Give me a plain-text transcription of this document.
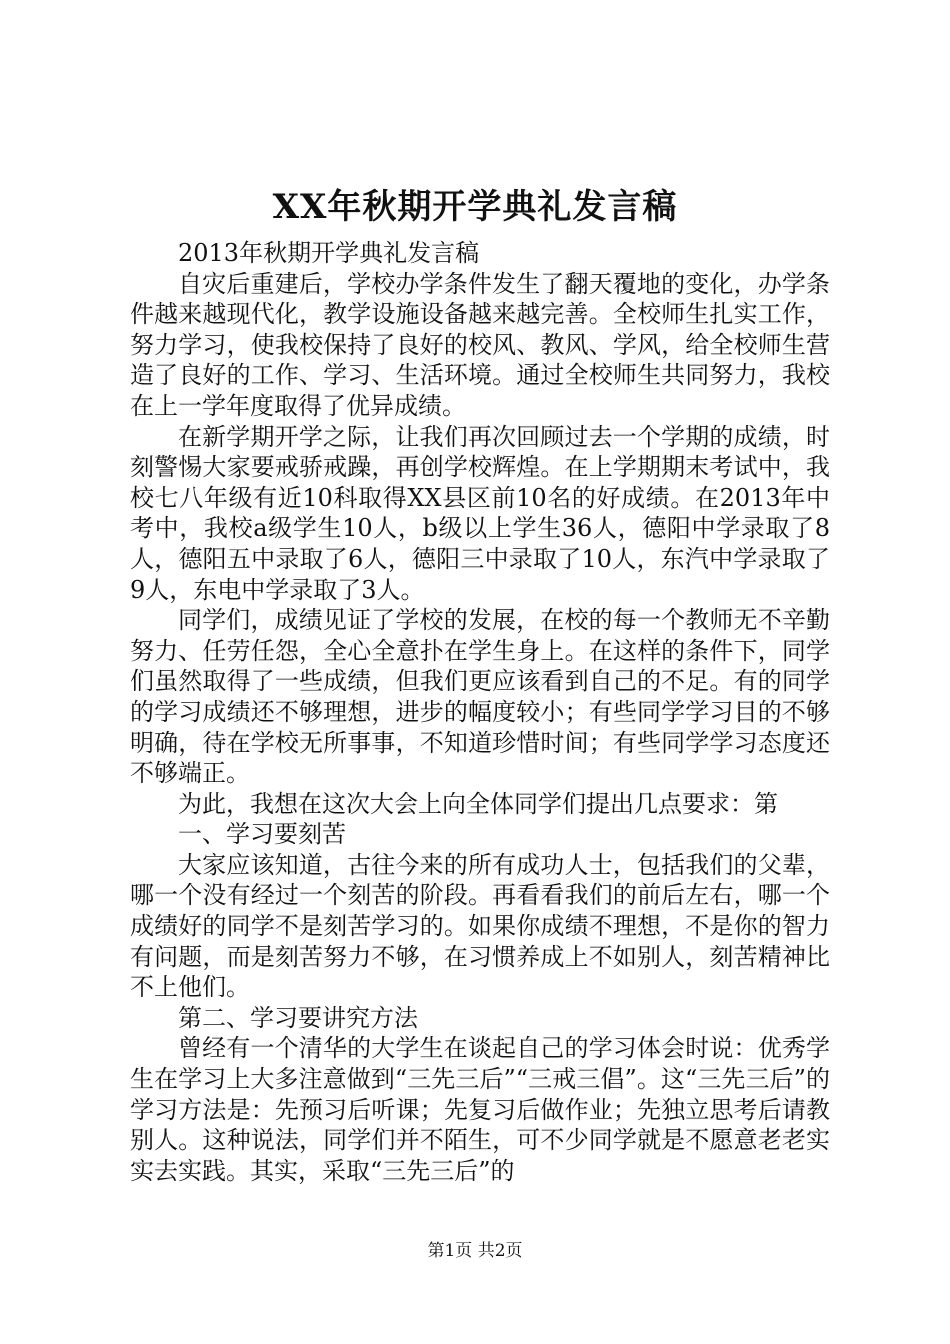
XX年秋期开学典礼发言稿

2013年秋期开学典礼发言稿

自灾后重建后，学校办学条件发生了翻天覆地的变化，办学条件越来越现代化，教学设施设备越来越完善。全校师生扎实工作，努力学习，使我校保持了良好的校风、教风、学风，给全校师生营造了良好的工作、学习、生活环境。通过全校师生共同努力，我校在上一学年度取得了优异成绩。

在新学期开学之际，让我们再次回顾过去一个学期的成绩，时刻警惕大家要戒骄戒躁，再创学校辉煌。在上学期期末考试中，我校七八年级有近10科取得XX县区前10名的好成绩。在2013年中考中，我校a级学生10人，b级以上学生36人，德阳中学录取了8人，德阳五中录取了6人，德阳三中录取了10人，东汽中学录取了9人，东电中学录取了3人。

同学们，成绩见证了学校的发展，在校的每一个教师无不辛勤努力、任劳任怨，全心全意扑在学生身上。在这样的条件下，同学们虽然取得了一些成绩，但我们更应该看到自己的不足。有的同学的学习成绩还不够理想，进步的幅度较小；有些同学学习目的不够明确，待在学校无所事事，不知道珍惜时间；有些同学学习态度还不够端正。

为此，我想在这次大会上向全体同学们提出几点要求：第

一、学习要刻苦

大家应该知道，古往今来的所有成功人士，包括我们的父辈，哪一个没有经过一个刻苦的阶段。再看看我们的前后左右，哪一个成绩好的同学不是刻苦学习的。如果你成绩不理想，不是你的智力有问题，而是刻苦努力不够，在习惯养成上不如别人，刻苦精神比不上他们。

第二、学习要讲究方法

曾经有一个清华的大学生在谈起自己的学习体会时说：优秀学生在学习上大多注意做到“三先三后”“三戒三倡”。这“三先三后”的学习方法是：先预习后听课；先复习后做作业；先独立思考后请教别人。这种说法，同学们并不陌生，可不少同学就是不愿意老老实实去实践。其实，采取“三先三后”的

第1页 共2页
